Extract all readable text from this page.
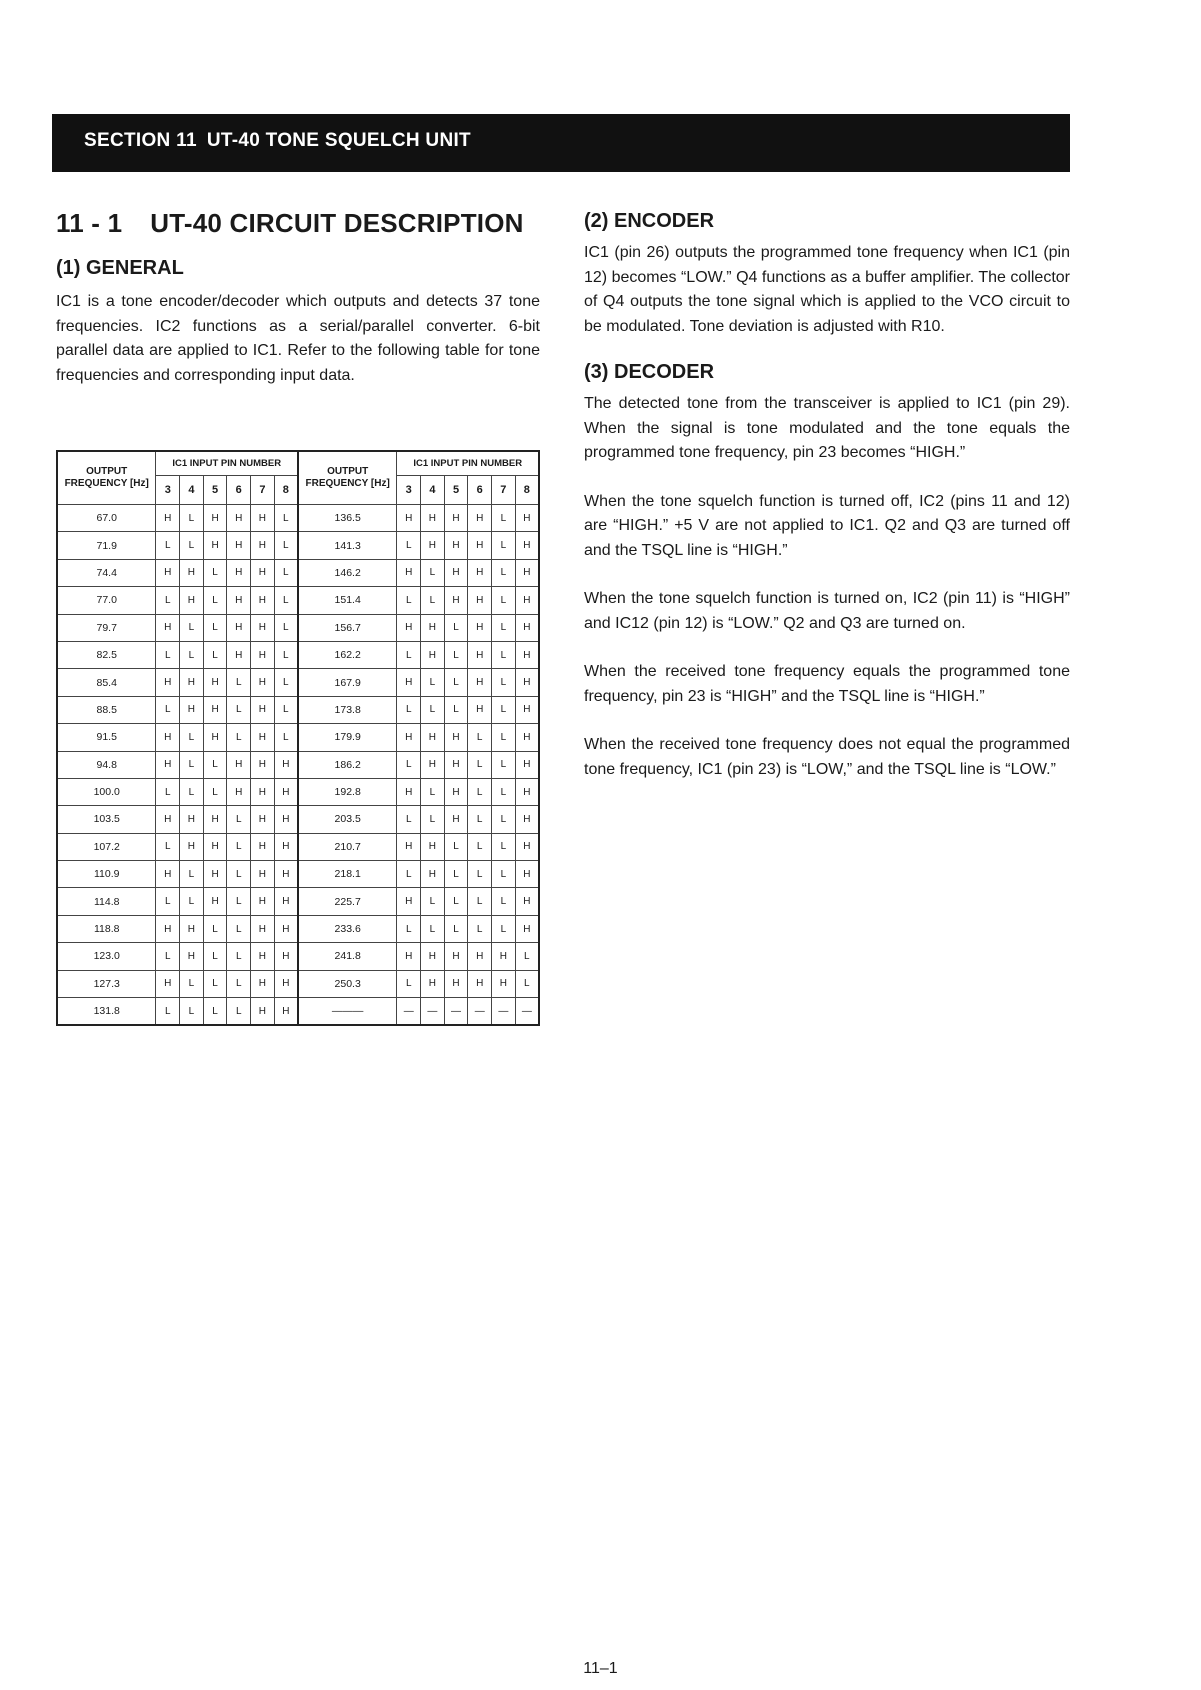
SECTION 11 UT-40 TONE SQUELCH UNIT
11 - 1 UT-40 CIRCUIT DESCRIPTION
(1) GENERAL

IC1 is a tone encoder/decoder which outputs and detects 37 tone frequencies. IC2 functions as a serial/parallel converter. 6-bit parallel data are applied to IC1. Refer to the following table for tone frequencies and corresponding input data.

OUTPUT FREQUENCY [Hz]	IC1 INPUT PIN NUMBER						OUTPUT FREQUENCY [Hz]	IC1 INPUT PIN NUMBER					
	3	4	5	6	7	8		3	4	5	6	7	8
67.0	H	L	H	H	H	L	136.5	H	H	H	H	L	H
71.9	L	L	H	H	H	L	141.3	L	H	H	H	L	H
74.4	H	H	L	H	H	L	146.2	H	L	H	H	L	H
77.0	L	H	L	H	H	L	151.4	L	L	H	H	L	H
79.7	H	L	L	H	H	L	156.7	H	H	L	H	L	H
82.5	L	L	L	H	H	L	162.2	L	H	L	H	L	H
85.4	H	H	H	L	H	L	167.9	H	L	L	H	L	H
88.5	L	H	H	L	H	L	173.8	L	L	L	H	L	H
91.5	H	L	H	L	H	L	179.9	H	H	H	L	L	H
94.8	H	L	L	H	H	H	186.2	L	H	H	L	L	H
100.0	L	L	L	H	H	H	192.8	H	L	H	L	L	H
103.5	H	H	H	L	H	H	203.5	L	L	H	L	L	H
107.2	L	H	H	L	H	H	210.7	H	H	L	L	L	H
110.9	H	L	H	L	H	H	218.1	L	H	L	L	L	H
114.8	L	L	H	L	H	H	225.7	H	L	L	L	L	H
118.8	H	H	L	L	H	H	233.6	L	L	L	L	L	H
123.0	L	H	L	L	H	H	241.8	H	H	H	H	H	L
127.3	H	L	L	L	H	H	250.3	L	H	H	H	H	L
131.8	L	L	L	L	H	H	———	—	—	—	—	—	—
(2) ENCODER

IC1 (pin 26) outputs the programmed tone frequency when IC1 (pin 12) becomes “LOW.” Q4 functions as a buffer amplifier. The collector of Q4 outputs the tone signal which is applied to the VCO circuit to be modulated. Tone deviation is adjusted with R10.

(3) DECODER

The detected tone from the transceiver is applied to IC1 (pin 29). When the signal is tone modulated and the tone equals the programmed tone frequency, pin 23 becomes “HIGH.”

When the tone squelch function is turned off, IC2 (pins 11 and 12) are “HIGH.” +5 V are not applied to IC1. Q2 and Q3 are turned off and the TSQL line is “HIGH.”

When the tone squelch function is turned on, IC2 (pin 11) is “HIGH” and IC12 (pin 12) is “LOW.” Q2 and Q3 are turned on.

When the received tone frequency equals the programmed tone frequency, pin 23 is “HIGH” and the TSQL line is “HIGH.”

When the received tone frequency does not equal the programmed tone frequency, IC1 (pin 23) is “LOW,” and the TSQL line is “LOW.”

11–1
